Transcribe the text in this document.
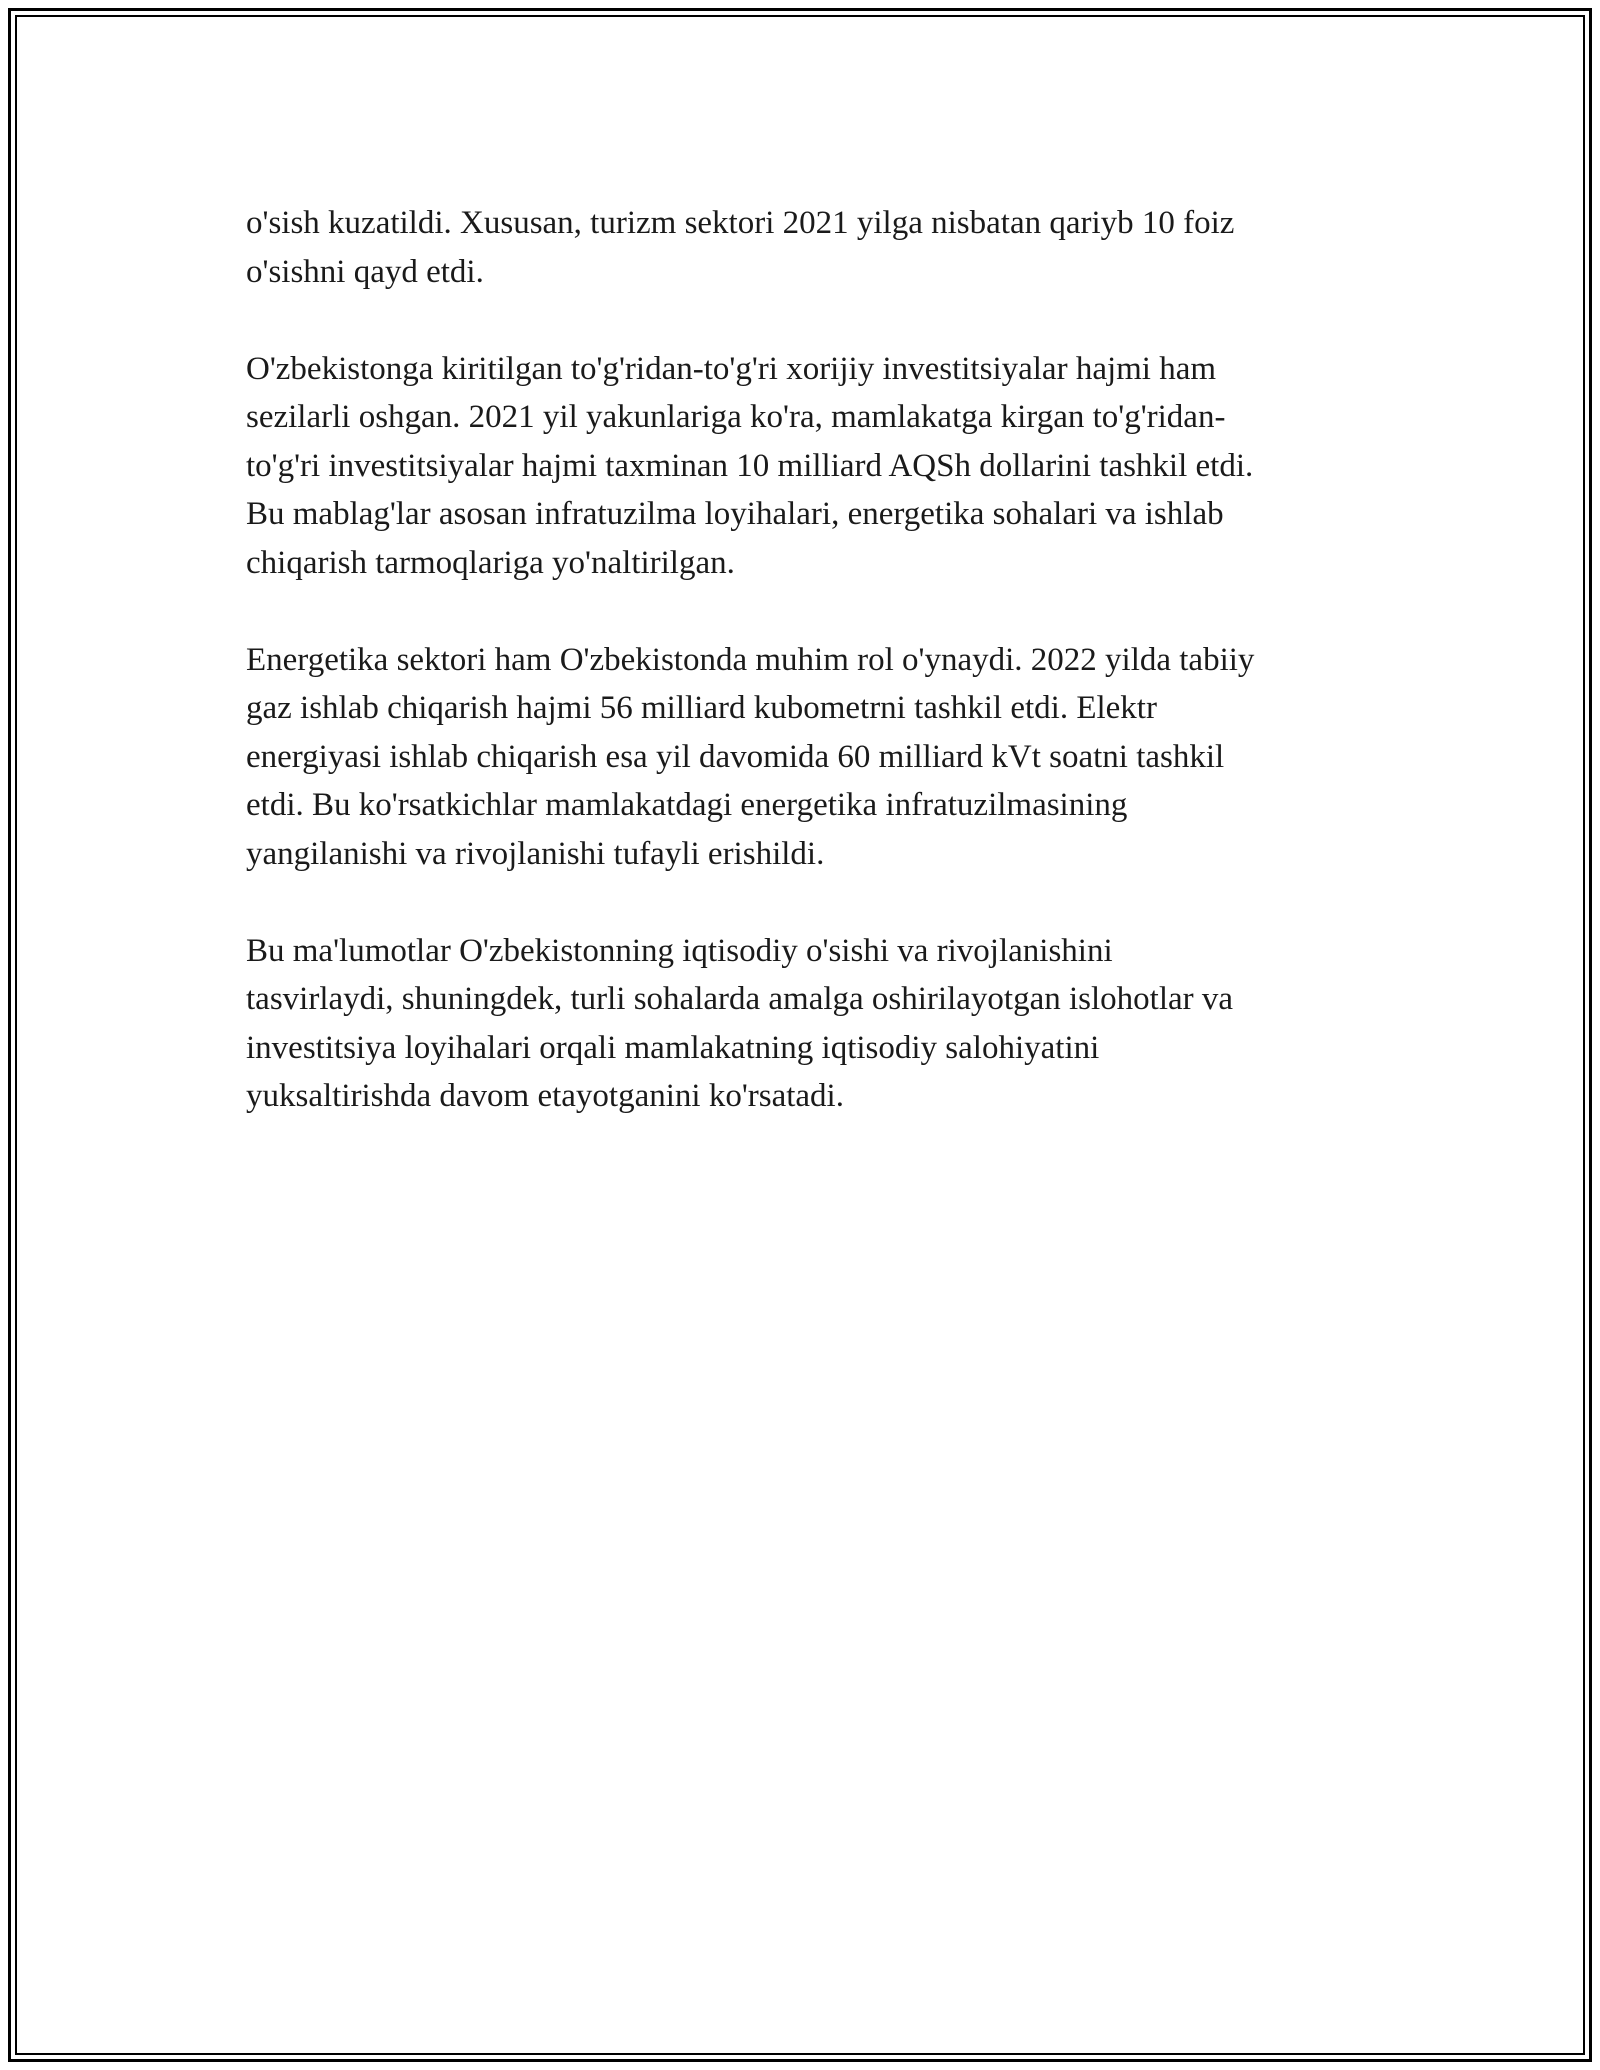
o'sish kuzatildi. Xususan, turizm sektori 2021 yilga nisbatan qariyb 10 foiz
o'sishni qayd etdi.

O'zbekistonga kiritilgan to'g'ridan-to'g'ri xorijiy investitsiyalar hajmi ham
sezilarli oshgan. 2021 yil yakunlariga ko'ra, mamlakatga kirgan to'g'ridan-
to'g'ri investitsiyalar hajmi taxminan 10 milliard AQSh dollarini tashkil etdi.
Bu mablag'lar asosan infratuzilma loyihalari, energetika sohalari va ishlab
chiqarish tarmoqlariga yo'naltirilgan.

Energetika sektori ham O'zbekistonda muhim rol o'ynaydi. 2022 yilda tabiiy
gaz ishlab chiqarish hajmi 56 milliard kubometrni tashkil etdi. Elektr
energiyasi ishlab chiqarish esa yil davomida 60 milliard kVt soatni tashkil
etdi. Bu ko'rsatkichlar mamlakatdagi energetika infratuzilmasining
yangilanishi va rivojlanishi tufayli erishildi.

Bu ma'lumotlar O'zbekistonning iqtisodiy o'sishi va rivojlanishini
tasvirlaydi, shuningdek, turli sohalarda amalga oshirilayotgan islohotlar va
investitsiya loyihalari orqali mamlakatning iqtisodiy salohiyatini
yuksaltirishda davom etayotganini ko'rsatadi.
